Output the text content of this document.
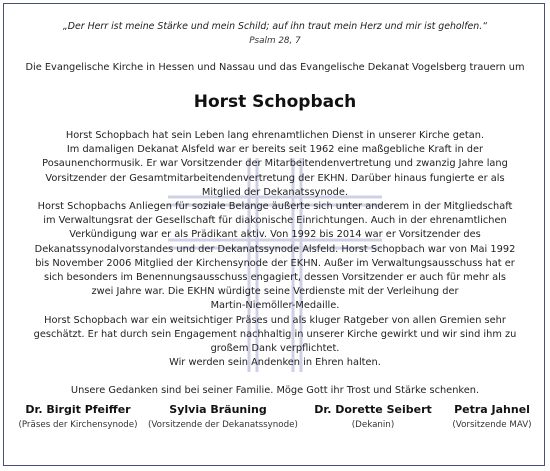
„Der Herr ist meine Stärke und mein Schild; auf ihn traut mein Herz und mir ist geholfen.“
Psalm 28, 7
Die Evangelische Kirche in Hessen und Nassau und das Evangelische Dekanat Vogelsberg trauern um
Horst Schopbach

Horst Schopbach hat sein Leben lang ehrenamtlichen Dienst in unserer Kirche getan.

Im damaligen Dekanat Alsfeld war er bereits seit 1962 eine maßgebliche Kraft in der

Posaunenchormusik. Er war Vorsitzender der Mitarbeitendenvertretung und zwanzig Jahre lang

Vorsitzender der Gesamtmitarbeitendenvertretung der EKHN. Darüber hinaus fungierte er als

Mitglied der Dekanatssynode.

Horst Schopbachs Anliegen für soziale Belange äußerte sich unter anderem in der Mitgliedschaft

im Verwaltungsrat der Gesellschaft für diakonische Einrichtungen. Auch in der ehrenamtlichen

Verkündigung war er als Prädikant aktiv. Von 1992 bis 2014 war er Vorsitzender des

Dekanatssynodalvorstandes und der Dekanatssynode Alsfeld. Horst Schopbach war von Mai 1992

bis November 2006 Mitglied der Kirchensynode der EKHN. Außer im Verwaltungsausschuss hat er

sich besonders im Benennungsausschuss engagiert, dessen Vorsitzender er auch für mehr als

zwei Jahre war. Die EKHN würdigte seine Verdienste mit der Verleihung der

Martin-Niemöller-Medaille.

Horst Schopbach war ein weitsichtiger Präses und als kluger Ratgeber von allen Gremien sehr

geschätzt. Er hat durch sein Engagement nachhaltig in unserer Kirche gewirkt und wir sind ihm zu

großem Dank verpflichtet.

Wir werden sein Andenken in Ehren halten.

Unsere Gedanken sind bei seiner Familie. Möge Gott ihr Trost und Stärke schenken.
Dr. Birgit Pfeiffer
(Präses der Kirchensynode)
Sylvia Bräuning
(Vorsitzende der Dekanatssynode)
Dr. Dorette Seibert
(Dekanin)
Petra Jahnel
(Vorsitzende MAV)
